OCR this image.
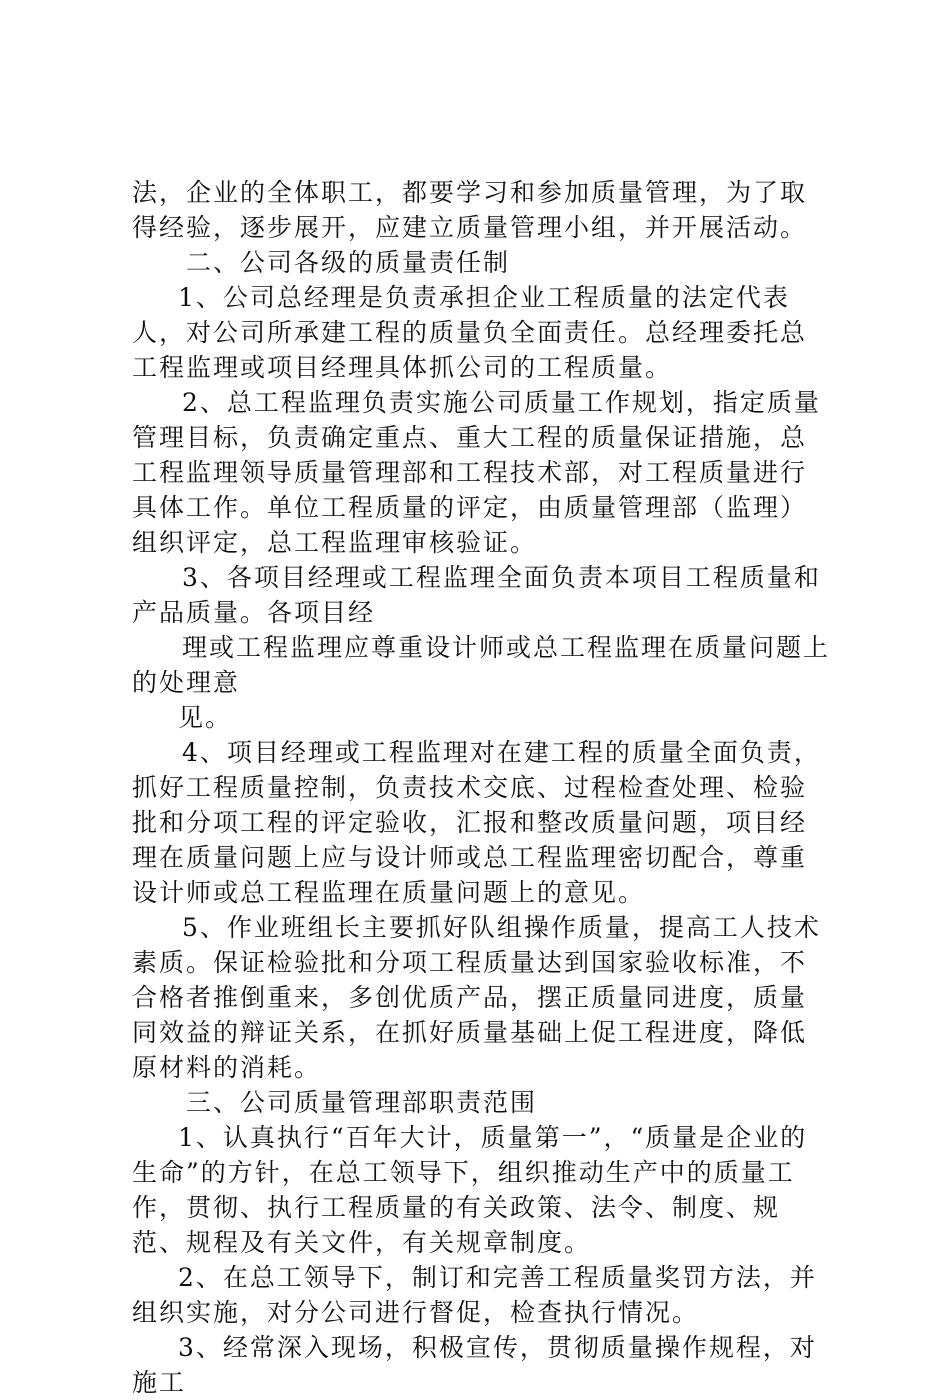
法，企业的全体职工，都要学习和参加质量管理，为了取得经验，逐步展开，应建立质量管理小组，并开展活动。

二、公司各级的质量责任制

1、公司总经理是负责承担企业工程质量的法定代表人，对公司所承建工程的质量负全面责任。总经理委托总工程监理或项目经理具体抓公司的工程质量。

2、总工程监理负责实施公司质量工作规划，指定质量管理目标，负责确定重点、重大工程的质量保证措施，总工程监理领导质量管理部和工程技术部，对工程质量进行具体工作。单位工程质量的评定，由质量管理部（监理）组织评定，总工程监理审核验证。

3、各项目经理或工程监理全面负责本项目工程质量和产品质量。各项目经

理或工程监理应尊重设计师或总工程监理在质量问题上的处理意

见。

4、项目经理或工程监理对在建工程的质量全面负责，抓好工程质量控制，负责技术交底、过程检查处理、检验批和分项工程的评定验收，汇报和整改质量问题，项目经理在质量问题上应与设计师或总工程监理密切配合，尊重设计师或总工程监理在质量问题上的意见。

5、作业班组长主要抓好队组操作质量，提高工人技术素质。保证检验批和分项工程质量达到国家验收标准，不合格者推倒重来，多创优质产品，摆正质量同进度，质量同效益的辩证关系，在抓好质量基础上促工程进度，降低原材料的消耗。

三、公司质量管理部职责范围

1、认真执行“百年大计，质量第一”，“质量是企业的生命”的方针，在总工领导下，组织推动生产中的质量工作，贯彻、执行工程质量的有关政策、法令、制度、规范、规程及有关文件，有关规章制度。

2、在总工领导下，制订和完善工程质量奖罚方法，并组织实施，对分公司进行督促，检查执行情况。

3、经常深入现场，积极宣传，贯彻质量操作规程，对施工
